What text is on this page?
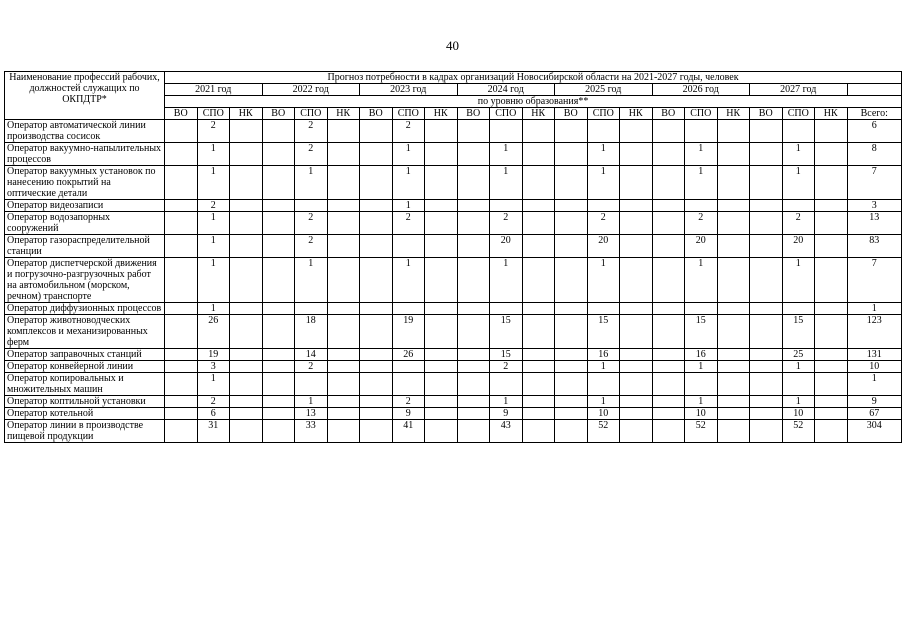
40
Наименование профессий рабочих, должностей служащих по ОКПДТР*	Прогноз потребности в кадрах организаций Новосибирской области на 2021-2027 годы, человек																					
	2021 год			2022 год			2023 год			2024 год			2025 год			2026 год			2027 год			
	по уровню образования**																					
	ВО	СПО	НК	ВО	СПО	НК	ВО	СПО	НК	ВО	СПО	НК	ВО	СПО	НК	ВО	СПО	НК	ВО	СПО	НК	Всего:
Оператор автоматической линии производства сосисок		2			2			2														6
Оператор вакуумно-напылительных процессов		1			2			1			1			1			1			1		8
Оператор вакуумных установок по нанесению покрытий на оптические детали		1			1			1			1			1			1			1		7
Оператор видеозаписи		2						1														3
Оператор водозапорных сооружений		1			2			2			2			2			2			2		13
Оператор газораспределительной станции		1			2						20			20			20			20		83
Оператор диспетчерской движения и погрузочно-разгрузочных работ на автомобильном (морском, речном) транспорте		1			1			1			1			1			1			1		7
Оператор диффузионных процессов		1																				1
Оператор животноводческих комплексов и механизированных ферм		26			18			19			15			15			15			15		123
Оператор заправочных станций		19			14			26			15			16			16			25		131
Оператор конвейерной линии		3			2						2			1			1			1		10
Оператор копировальных и множительных машин		1																				1
Оператор коптильной установки		2			1			2			1			1			1			1		9
Оператор котельной		6			13			9			9			10			10			10		67
Оператор линии в производстве пищевой продукции		31			33			41			43			52			52			52		304
